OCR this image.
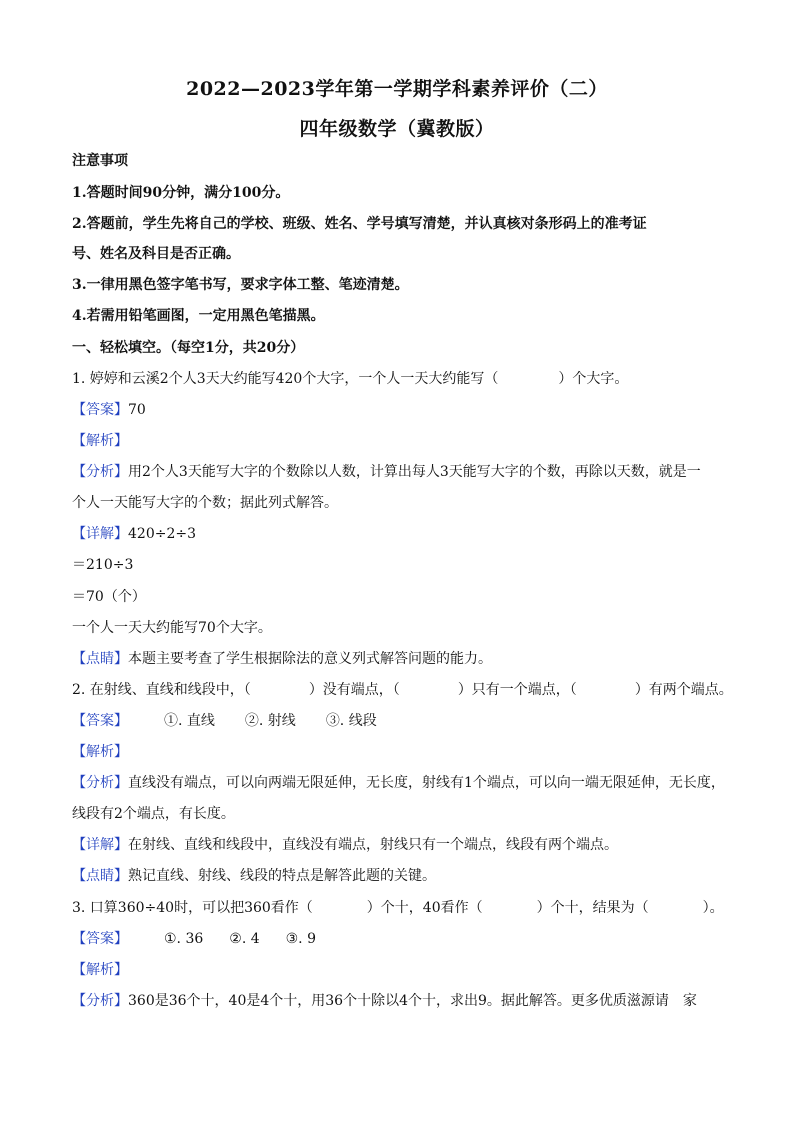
2022—2023学年第一学期学科素养评价（二）
四年级数学（冀教版）
注意事项
1.答题时间90分钟，满分100分。
2.答题前，学生先将自己的学校、班级、姓名、学号填写清楚，并认真核对条形码上的准考证
号、姓名及科目是否正确。
3.一律用黑色签字笔书写，要求字体工整、笔迹清楚。
4.若需用铅笔画图，一定用黑色笔描黑。
一、轻松填空。（每空1分，共20分）
1. 婷婷和云溪2个人3天大约能写420个大字，一个人一天大约能写（	）个大字。
【答案】70
【解析】
【分析】用2个人3天能写大字的个数除以人数，计算出每人3天能写大字的个数，再除以天数，就是一
个人一天能写大字的个数；据此列式解答。
【详解】420÷2÷3
＝210÷3
＝70（个）
一个人一天大约能写70个大字。
【点睛】本题主要考查了学生根据除法的意义列式解答问题的能力。
2. 在射线、直线和线段中，（	）没有端点，（	）只有一个端点，（	）有两个端点。
【答案】	①. 直线 ②. 射线 ③. 线段
【解析】
【分析】直线没有端点，可以向两端无限延伸，无长度，射线有1个端点，可以向一端无限延伸，无长度，
线段有2个端点，有长度。
【详解】在射线、直线和线段中，直线没有端点，射线只有一个端点，线段有两个端点。
【点睛】熟记直线、射线、线段的特点是解答此题的关键。
3. 口算360÷40时，可以把360看作（	）个十，40看作（	）个十，结果为（	）。
【答案】	①. 36 ②. 4 ③. 9
【解析】
【分析】360是36个十，40是4个十，用36个十除以4个十，求出9。据此解答。更多优质滋源请　家
